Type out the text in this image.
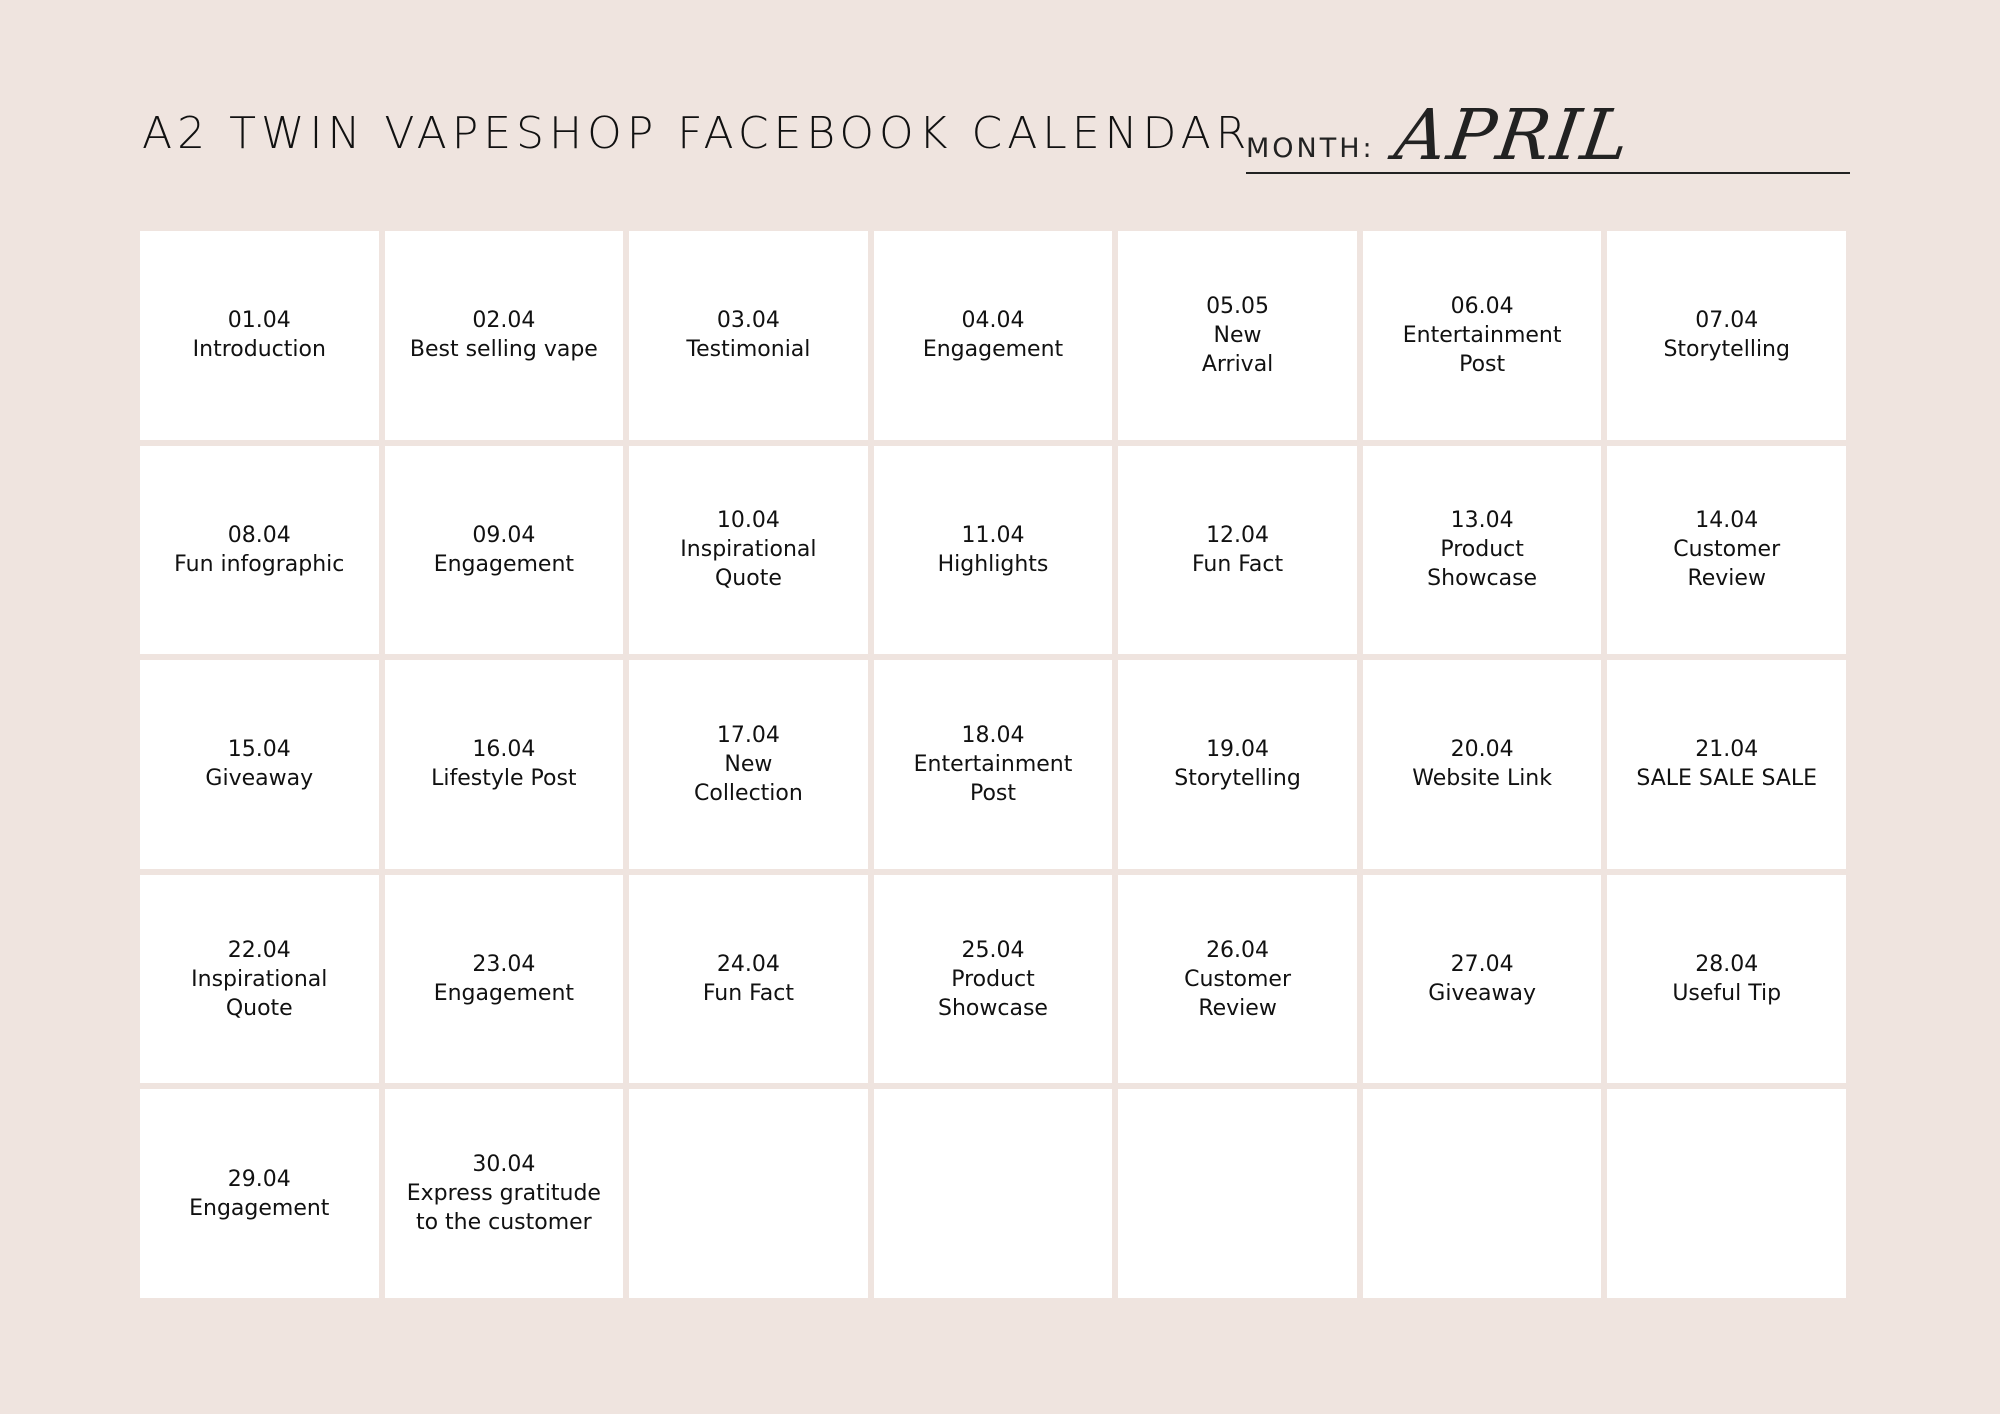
A2 TWIN VAPESHOP FACEBOOK CALENDAR
MONTH: APRIL
01.04
Introduction
02.04
Best selling vape
03.04
Testimonial
04.04
Engagement
05.05
New
Arrival
06.04
Entertainment
Post
07.04
Storytelling
08.04
Fun infographic
09.04
Engagement
10.04
Inspirational
Quote
11.04
Highlights
12.04
Fun Fact
13.04
Product
Showcase
14.04
Customer
Review
15.04
Giveaway
16.04
Lifestyle Post
17.04
New
Collection
18.04
Entertainment
Post
19.04
Storytelling
20.04
Website Link
21.04
SALE SALE SALE
22.04
Inspirational
Quote
23.04
Engagement
24.04
Fun Fact
25.04
Product
Showcase
26.04
Customer
Review
27.04
Giveaway
28.04
Useful Tip
29.04
Engagement
30.04
Express gratitude
to the customer
